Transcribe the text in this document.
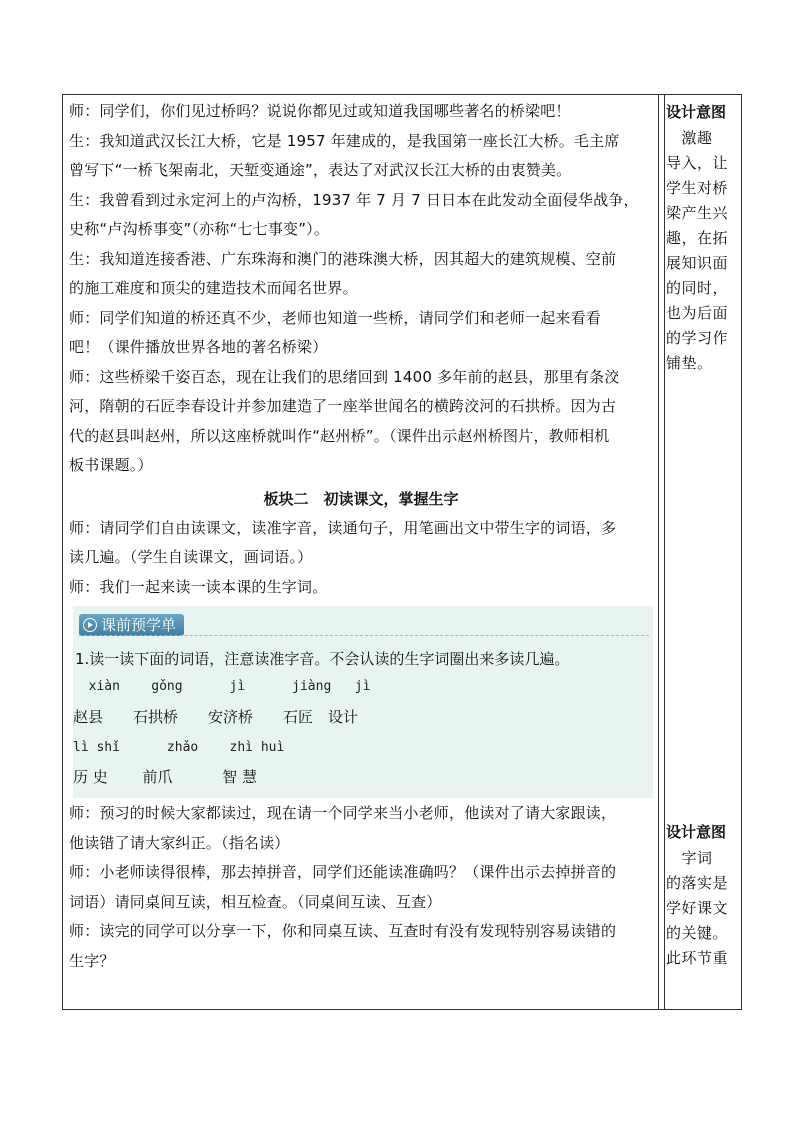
师：同学们，你们见过桥吗？说说你都见过或知道我国哪些著名的桥梁吧！

生：我知道武汉长江大桥，它是 1957 年建成的，是我国第一座长江大桥。毛主席

曾写下“一桥飞架南北，天堑变通途”，表达了对武汉长江大桥的由衷赞美。

生：我曾看到过永定河上的卢沟桥，1937 年 7 月 7 日日本在此发动全面侵华战争，

史称“卢沟桥事变”（亦称“七七事变”）。

生：我知道连接香港、广东珠海和澳门的港珠澳大桥，因其超大的建筑规模、空前

的施工难度和顶尖的建造技术而闻名世界。

师：同学们知道的桥还真不少，老师也知道一些桥，请同学们和老师一起来看看

吧！（课件播放世界各地的著名桥梁）

师：这些桥梁千姿百态，现在让我们的思绪回到 1400 多年前的赵县，那里有条洨

河，隋朝的石匠李春设计并参加建造了一座举世闻名的横跨洨河的石拱桥。因为古

代的赵县叫赵州，所以这座桥就叫作“赵州桥”。（课件出示赵州桥图片，教师相机

板书课题。）

板块二　初读课文，掌握生字

师：请同学们自由读课文，读准字音，读通句子，用笔画出文中带生字的词语，多

读几遍。（学生自读课文，画词语。）

师：我们一起来读一读本课的生字词。

课前预学单
1.读一读下面的词语，注意读准字音。不会认读的生字词圈出来多读几遍。
xiàn    gǒng      jì      jiàng   jì
赵县　　石拱桥　　安济桥　　石匠　设计
lì shǐ      zhǎo    zhì huì
历 史　　 前爪　　　 智 慧

师：预习的时候大家都读过，现在请一个同学来当小老师，他读对了请大家跟读，

他读错了请大家纠正。（指名读）

师：小老师读得很棒，那去掉拼音，同学们还能读准确吗？（课件出示去掉拼音的

词语）请同桌间互读，相互检查。（同桌间互读、互查）

师：读完的同学可以分享一下，你和同桌互读、互查时有没有发现特别容易读错的

生字？

设计意图

　激趣

导入，让

学生对桥

梁产生兴

趣，在拓

展知识面

的同时，

也为后面

的学习作

铺垫。

设计意图

　字词

的落实是

学好课文

的关键。

此环节重
